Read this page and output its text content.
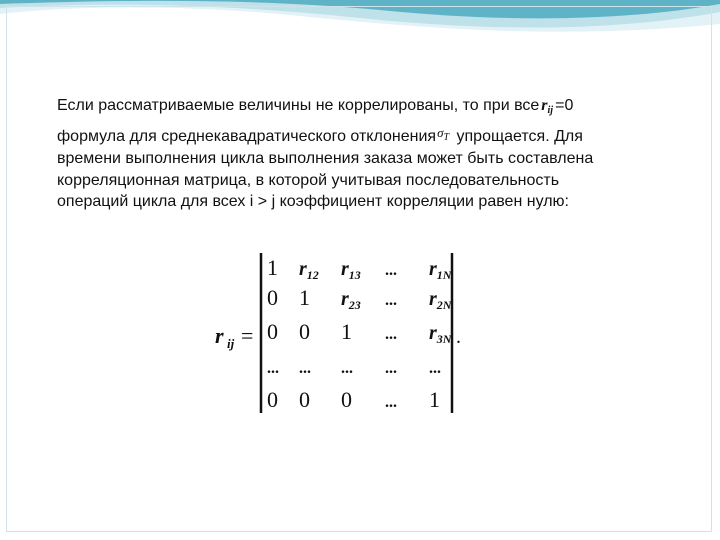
Если рассматриваемые величины не коррелированы, то при все $r_{ij} =0$
формула для среднекавадратического отклонения$^{\sigma_T}$ упрощается. Для
времени выполнения цикла выполнения заказа может быть составлена
корреляционная матрица, в которой учитывая последовательность
операций цикла для всех i > j коэффициент корреляции равен нулю:
r ij =	.
1 $r_{12}$ $r_{13}$ ... $r_{1N}$
0 1 $r_{23}$ ... $r_{2N}$
0 0 1 ... $r_{3N}$
... ... ... ... ...
0 0 0 ... 1
